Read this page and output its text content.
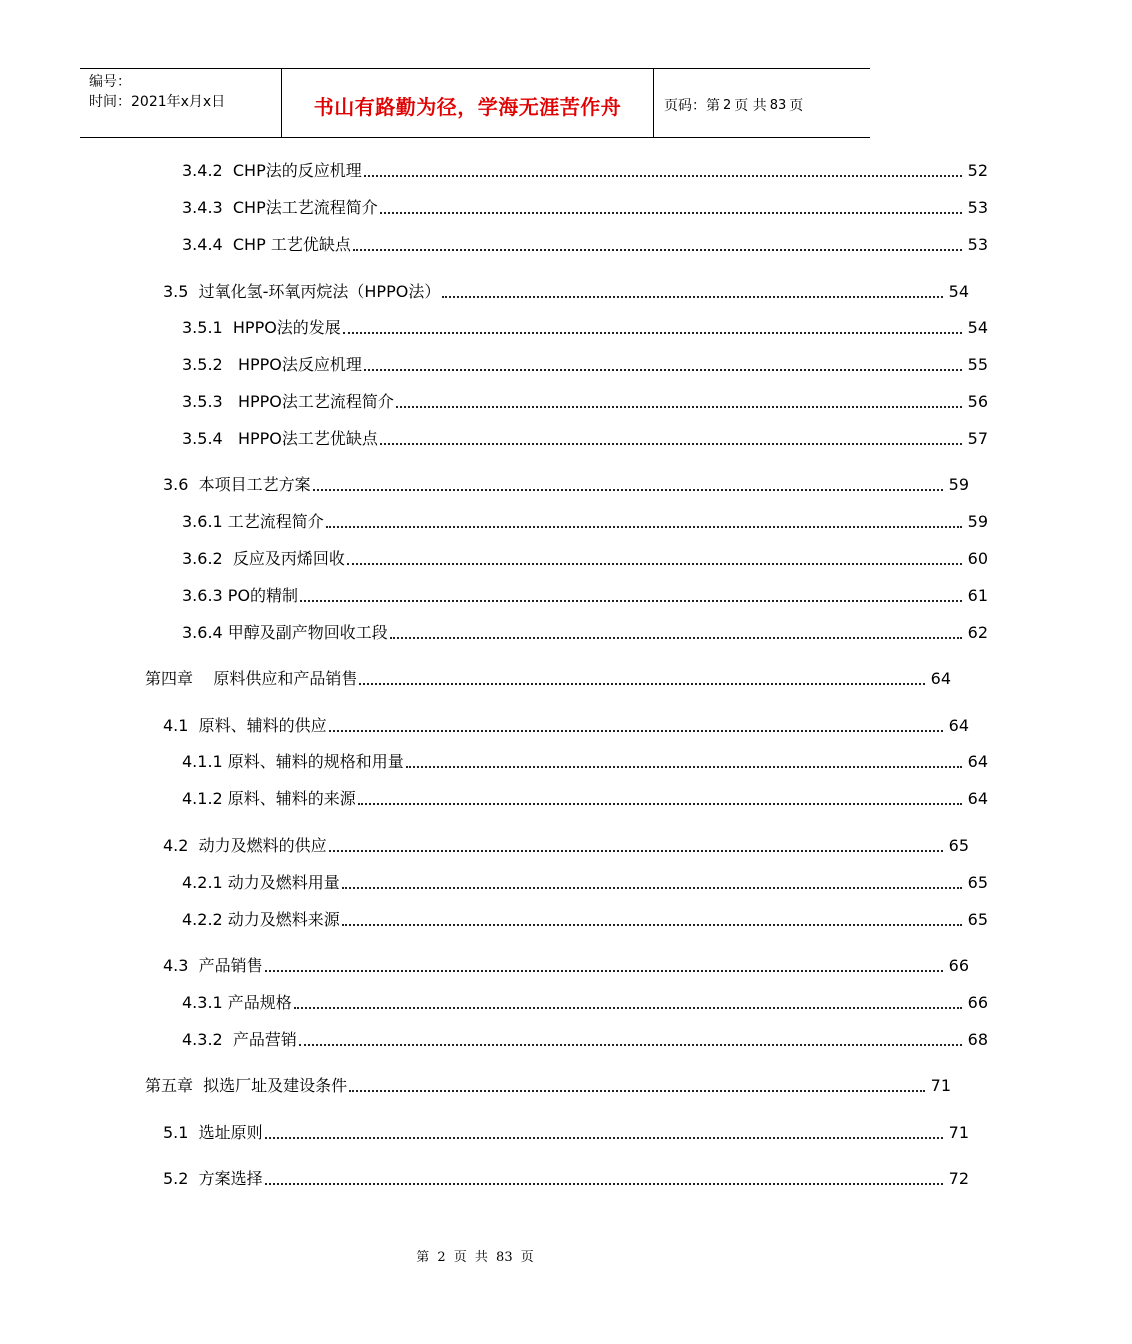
编号：
时间：2021年x月x日	书山有路勤为径，学海无涯苦作舟	页码：第 2 页 共 83 页
3.4.2  CHP法的反应机理	52
3.4.3  CHP法工艺流程简介	53
3.4.4  CHP 工艺优缺点	53
3.5  过氧化氢-环氧丙烷法（HPPO法）	54
3.5.1  HPPO法的发展	54
3.5.2   HPPO法反应机理	55
3.5.3   HPPO法工艺流程简介	56
3.5.4   HPPO法工艺优缺点	57
3.6  本项目工艺方案	59
3.6.1 工艺流程简介	59
3.6.2  反应及丙烯回收	60
3.6.3 PO的精制	61
3.6.4 甲醇及副产物回收工段	62
第四章    原料供应和产品销售	64
4.1  原料、辅料的供应	64
4.1.1 原料、辅料的规格和用量	64
4.1.2 原料、辅料的来源	64
4.2  动力及燃料的供应	65
4.2.1 动力及燃料用量	65
4.2.2 动力及燃料来源	65
4.3  产品销售	66
4.3.1 产品规格	66
4.3.2  产品营销	68
第五章  拟选厂址及建设条件	71
5.1  选址原则	71
5.2  方案选择	72
第 2 页 共 83 页
